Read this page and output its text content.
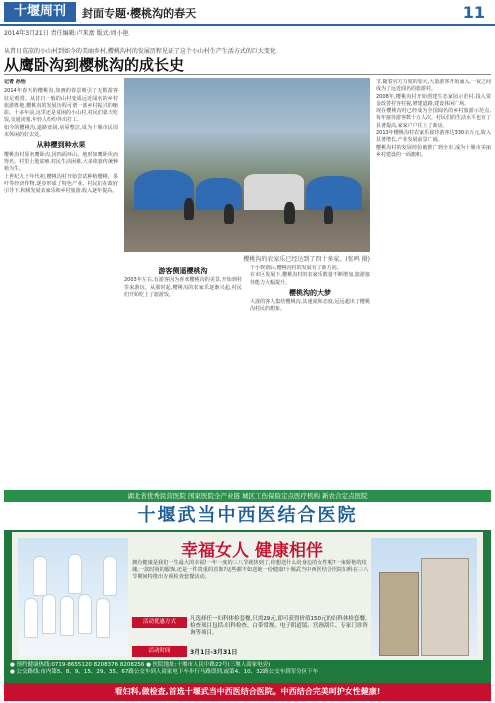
十堰周刊	封面专题·樱桃沟的春天	11
2014年3月21日 责任编辑:卢来富 版式:周小艳
从昔日荒凉的小山村到如今的美丽乡村,樱桃沟村的发展历程见证了这个小山村生产生活方式的巨大变化
从鹰卧沟到樱桃沟的成长史
记者 孙怡

2014年春天的樱桃沟,如画的春景吸引了无数游客驻足观赏。从昔日一般的山村变成远近闻名的乡村旅游胜地,樱桃沟的发展历程可谓一部乡村振兴的缩影。十多年前,这里还是贫困的小山村,村民们靠天吃饭,交通闭塞,年轻人纷纷外出打工。

如今的樱桃沟,道路宽阔,房屋整洁,成为十堰市民周末休闲的好去处。

从种樱到种水果

樱桃沟村原名鹰卧沟,因四面环山、地形如鹰卧伏而得名。村里土地贫瘠,村民生活困难,大多依靠传统种植为生。

上世纪九十年代初,樱桃沟村开始尝试种植樱桃、茶叶等经济作物,逐步形成了特色产业。村民们在政府引导下,积极发展农家乐和乡村旅游,收入逐年提高。

樱桃沟的农家乐已经达到了四十多家。(张鸣 摄)
游客侧遥樱桃沟

2003年左右,有游客因为喜欢樱桃沟的美景,开始到村里来游玩。从那时起,樱桃沟的农家乐逐渐兴起,村民们开始吃上了旅游饭。

个小规划后,樱桃沟村的发展有了新方向。

在市区发展下,樱桃沟村的农家乐数量不断增加,旅游接待能力大幅提升。

樱桃沟的大梦

大波的客人集结樱桃沟,其速度和态度,远远超出了樱桃沟村民的想象。

节,随着官方力度的加大,大量游客开始涌入,一夜之间成为了远近闻名的旅游村。

2008年,樱桃沟村开始创建生态家园示范村,投入资金改善村容村貌,修建道路,建设休闲广场。

现在樱桃沟村已经成为全国闻名的乡村旅游示范点,每年接待游客数十万人次。村民们的生活水平也有了显著提高,家家户户住上了新房。

2013年樱桃沟村农家乐接待游客达330余万元,收入显著增长,产业发展前景广阔。

樱桃沟村的发展经验被推广到全市,成为十堰市美丽乡村建设的一面旗帜。

湖北省优秀民营医院 国家医院全产业链 城区工伤保险定点医疗机构 新农合定点医院
十堰武当中西医结合医院
幸福女人 健康相伴
拥有健康是我们一生最大的幸福!一年一度的三八节就快到了,你想送什么给身边的女性呢?一束娇艳的玫瑰,一款时尚的服饰,还是一件贵重的首饰?这些都不如送她一份健康!十堰武当中西医结合医院妇科在三八节期间特推出专项检查套餐活动。
活动优惠方式	凡选择任一妇科体检套餐,只需29元,即可获得价值150元的妇科体检套餐。检查项目包括:妇科检查、白带常规、电子阴道镜、宫颈刮片、专家门诊咨询等项目。
活动时间	3月1日-3月31日
● 预约健康热线:0719-8655120 8208376 8208256 ● 医院地址:十堰市人民中路22号(三堰人商家电旁)
● 公交路线:市内第5、8、9、15、29、35、67路公交车到人商家电下车步行马路即到,或第4、10、32路公交车到军分区下车
看妇科,做检查,首选十堰武当中西医结合医院。中西结合完美呵护女性健康!
